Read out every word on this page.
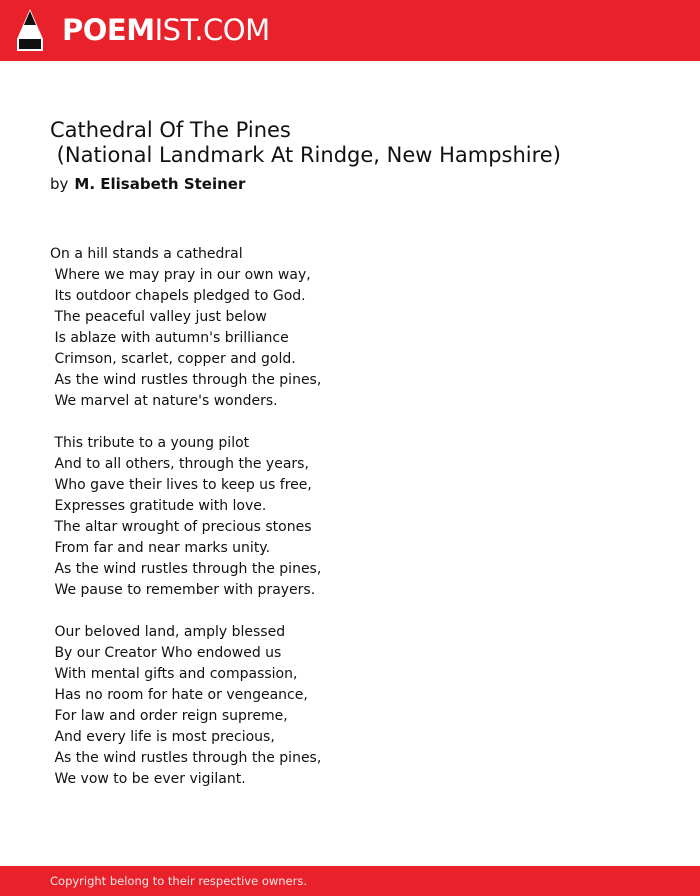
POEMIST.COM
Cathedral Of The Pines
(National Landmark At Rindge, New Hampshire)
by M. Elisabeth Steiner
On a hill stands a cathedral
Where we may pray in our own way,
Its outdoor chapels pledged to God.
The peaceful valley just below
Is ablaze with autumn's brilliance
Crimson, scarlet, copper and gold.
As the wind rustles through the pines,
We marvel at nature's wonders.
This tribute to a young pilot
And to all others, through the years,
Who gave their lives to keep us free,
Expresses gratitude with love.
The altar wrought of precious stones
From far and near marks unity.
As the wind rustles through the pines,
We pause to remember with prayers.
Our beloved land, amply blessed
By our Creator Who endowed us
With mental gifts and compassion,
Has no room for hate or vengeance,
For law and order reign supreme,
And every life is most precious,
As the wind rustles through the pines,
We vow to be ever vigilant.
Copyright belong to their respective owners.
